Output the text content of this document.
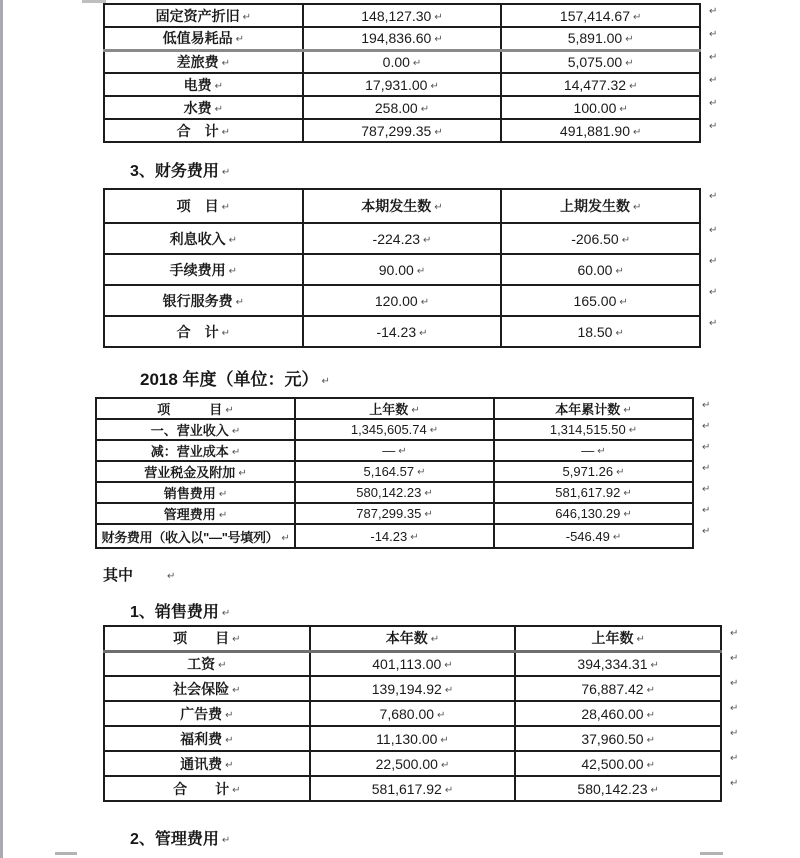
固定资产折旧 ↵	148,127.30 ↵	157,414.67 ↵
低值易耗品 ↵	194,836.60 ↵	5,891.00 ↵
差旅费 ↵	0.00 ↵	5,075.00 ↵
电费 ↵	17,931.00 ↵	14,477.32 ↵
水费 ↵	258.00 ↵	100.00 ↵
合　计 ↵	787,299.35 ↵	491,881.90 ↵
↵
↵
↵
↵
↵
↵
3、财务费用 ↵
项　目 ↵	本期发生数 ↵	上期发生数 ↵
利息收入 ↵	-224.23 ↵	-206.50 ↵
手续费用 ↵	90.00 ↵	60.00 ↵
银行服务费 ↵	120.00 ↵	165.00 ↵
合　计 ↵	-14.23 ↵	18.50 ↵
↵
↵
↵
↵
↵
2018 年度（单位：元） ↵
项　　　目 ↵	上年数 ↵	本年累计数 ↵
一、营业收入 ↵	1,345,605.74 ↵	1,314,515.50 ↵
减：营业成本 ↵	— ↵	— ↵
营业税金及附加 ↵	5,164.57 ↵	5,971.26 ↵
销售费用 ↵	580,142.23 ↵	581,617.92 ↵
管理费用 ↵	787,299.35 ↵	646,130.29 ↵
财务费用（收入以"—"号填列） ↵	-14.23 ↵	-546.49 ↵
↵
↵
↵
↵
↵
↵
↵
其中	↵
1、销售费用 ↵
项　　目 ↵	本年数 ↵	上年数 ↵
工资 ↵	401,113.00 ↵	394,334.31 ↵
社会保险 ↵	139,194.92 ↵	76,887.42 ↵
广告费 ↵	7,680.00 ↵	28,460.00 ↵
福利费 ↵	11,130.00 ↵	37,960.50 ↵
通讯费 ↵	22,500.00 ↵	42,500.00 ↵
合　　计 ↵	581,617.92 ↵	580,142.23 ↵
↵
↵
↵
↵
↵
↵
↵
2、管理费用 ↵
